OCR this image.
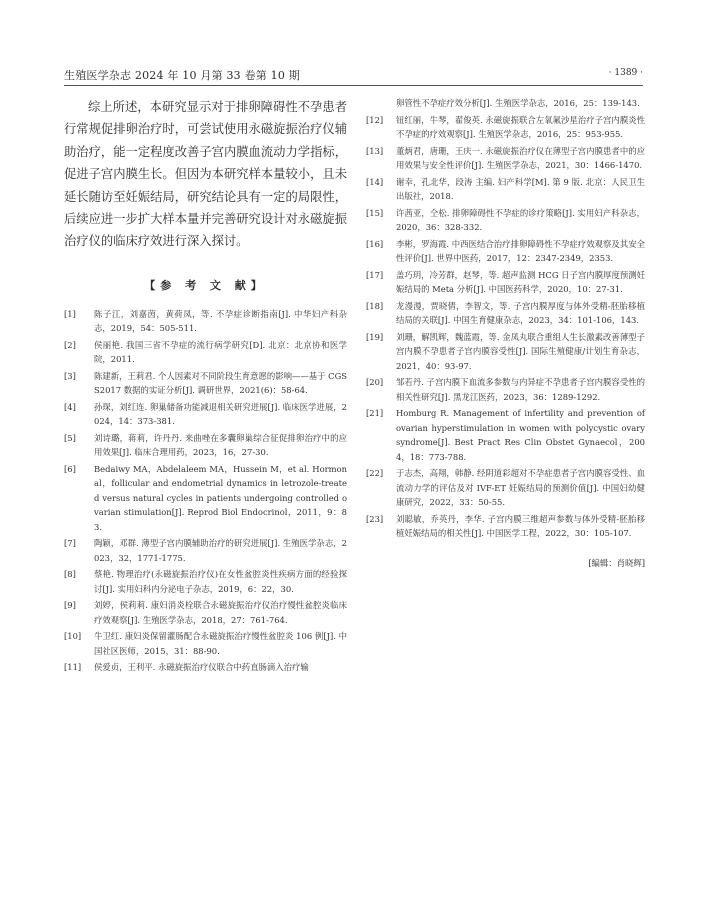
生殖医学杂志 2024 年 10 月第 33 卷第 10 期	· 1389 ·

综上所述，本研究显示对于排卵障碍性不孕患者行常规促排卵治疗时，可尝试使用永磁旋振治疗仪辅助治疗，能一定程度改善子宫内膜血流动力学指标，促进子宫内膜生长。但因为本研究样本量较小，且未延长随访至妊娠结局，研究结论具有一定的局限性，后续应进一步扩大样本量并完善研究设计对永磁旋振治疗仪的临床疗效进行深入探讨。

【参 考 文 献】
[1]	陈子江，刘嘉茵，黄荷凤，等. 不孕症诊断指南[J]. 中华妇产科杂志，2019，54：505-511.
[2]	侯丽艳. 我国三省不孕症的流行病学研究[D]. 北京：北京协和医学院，2011.
[3]	陈建新，王莉君. 个人因素对不同阶段生育意愿的影响——基于 CGSS2017 数据的实证分析[J]. 调研世界，2021(6)：58-64.
[4]	孙琛，刘红连. 卵巢储备功能减退相关研究进展[J]. 临床医学进展，2024，14：373-381.
[5]	刘诗璐，蒋莉，许丹丹. 来曲唑在多囊卵巢综合征促排卵治疗中的应用效果[J]. 临床合理用药，2023，16，27-30.
[6]	Bedaiwy MA，Abdelaleem MA，Hussein M，et al. Hormonal，follicular and endometrial dynamics in letrozole-treated versus natural cycles in patients undergoing controlled ovarian stimulation[J]. Reprod Biol Endocrinol，2011，9：83.
[7]	陶颖，邓群. 薄型子宫内膜辅助治疗的研究进展[J]. 生殖医学杂志，2023，32，1771-1775.
[8]	蔡艳. 物理治疗(永磁旋振治疗仪)在女性盆腔炎性疾病方面的经验探讨[J]. 实用妇科内分泌电子杂志，2019，6：22，30.
[9]	刘婷，侯莉莉. 康妇消炎栓联合永磁旋振治疗仪治疗慢性盆腔炎临床疗效观察[J]. 生殖医学杂志，2018，27：761-764.
[10]	牛卫红. 康妇炎保留灌肠配合永磁旋振治疗慢性盆腔炎 106 例[J]. 中国社区医师，2015，31：88-90.
[11]	侯爱贞，王利平. 永磁旋振治疗仪联合中药直肠滴入治疗输
卵管性不孕症疗效分析[J]. 生殖医学杂志，2016，25：139-143.
[12]	钮红丽，牛琴，翟俊英. 永磁旋振联合左氧氟沙星治疗子宫内膜炎性不孕症的疗效观察[J]. 生殖医学杂志，2016，25：953-955.
[13]	董炳君，唐珊，王庆一. 永磁旋振治疗仪在薄型子宫内膜患者中的应用效果与安全性评价[J]. 生殖医学杂志，2021，30：1466-1470.
[14]	谢幸，孔北华，段涛 主编. 妇产科学[M]. 第 9 版. 北京：人民卫生出版社，2018.
[15]	许茜亚，仝松. 排卵障碍性不孕症的诊疗策略[J]. 实用妇产科杂志，2020，36：328-332.
[16]	李彬，罗海霞. 中西医结合治疗排卵障碍性不孕症疗效观察及其安全性评价[J]. 世界中医药，2017，12：2347-2349，2353.
[17]	盖巧玥，冷芳群，赵琴，等. 超声监测 HCG 日子宫内膜厚度预测妊娠结局的 Meta 分析[J]. 中国医药科学，2020，10：27-31.
[18]	龙漫漫，贾晓倩，李智文，等. 子宫内膜厚度与体外受精-胚胎移植结局的关联[J]. 中国生育健康杂志，2023，34：101-106，143.
[19]	刘珊，解凯辉，魏蓝霞，等. 金凤丸联合重组人生长激素改善薄型子宫内膜不孕患者子宫内膜容受性[J]. 国际生殖健康/计划生育杂志，2021，40：93-97.
[20]	邹若丹. 子宫内膜下血流多参数与内异症不孕患者子宫内膜容受性的相关性研究[J]. 黑龙江医药，2023，36：1289-1292.
[21]	Homburg R. Management of infertility and prevention of ovarian hyperstimulation in women with polycystic ovary syndrome[J]. Best Pract Res Clin Obstet Gynaecol，2004，18：773-788.
[22]	于志杰，高翔，韩静. 经阴道彩超对不孕症患者子宫内膜容受性、血流动力学的评估及对 IVF-ET 妊娠结局的预测价值[J]. 中国妇幼健康研究，2022，33：50-55.
[23]	刘聪敏，乔英丹，李华. 子宫内膜三维超声参数与体外受精-胚胎移植妊娠结局的相关性[J]. 中国医学工程，2022，30：105-107.
[编辑：肖晓辉]
